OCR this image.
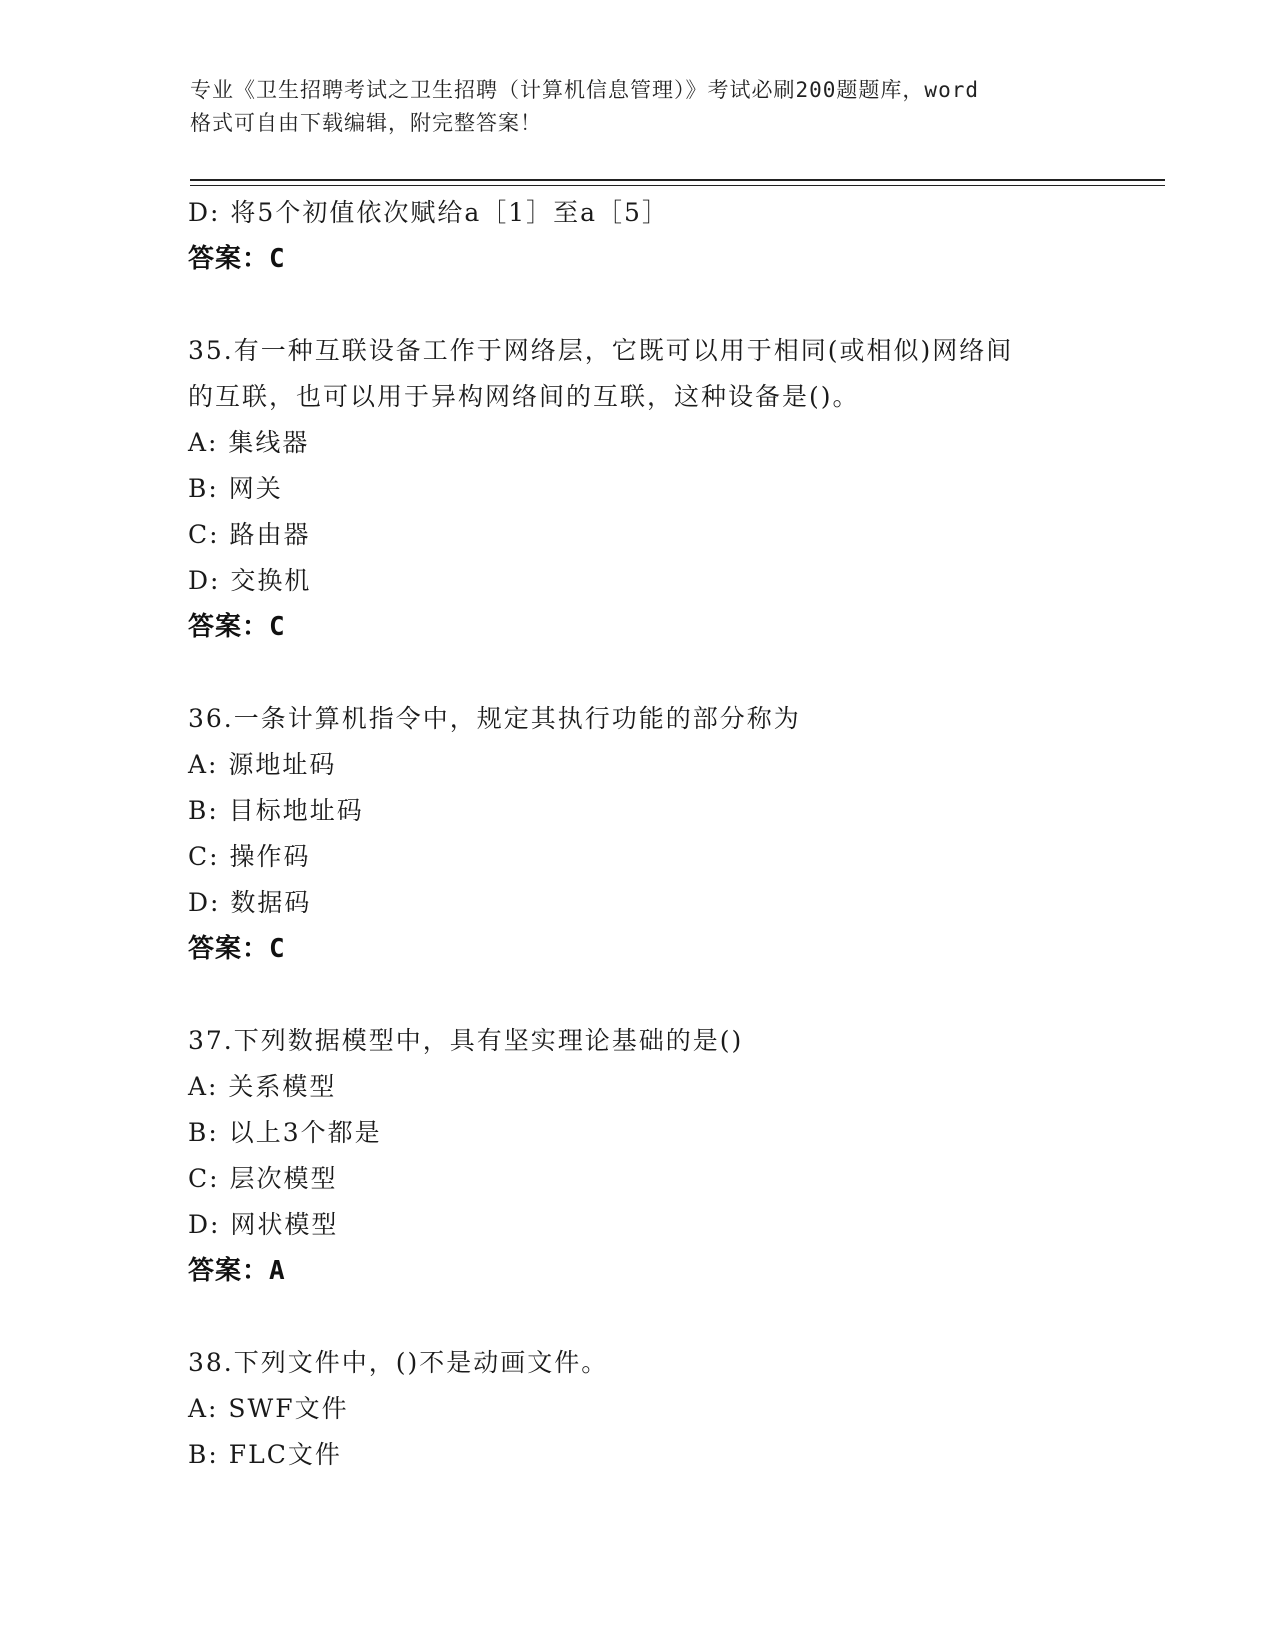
专业《卫生招聘考试之卫生招聘（计算机信息管理）》考试必刷200题题库，word
格式可自由下载编辑，附完整答案！
D: 将5个初值依次赋给a［1］至a［5］
答案：C
35.有一种互联设备工作于网络层，它既可以用于相同(或相似)网络间
的互联，也可以用于异构网络间的互联，这种设备是()。
A: 集线器
B: 网关
C: 路由器
D: 交换机
答案：C
36.一条计算机指令中，规定其执行功能的部分称为
A: 源地址码
B: 目标地址码
C: 操作码
D: 数据码
答案：C
37.下列数据模型中，具有坚实理论基础的是()
A: 关系模型
B: 以上3个都是
C: 层次模型
D: 网状模型
答案：A
38.下列文件中，()不是动画文件。
A: SWF文件
B: FLC文件
